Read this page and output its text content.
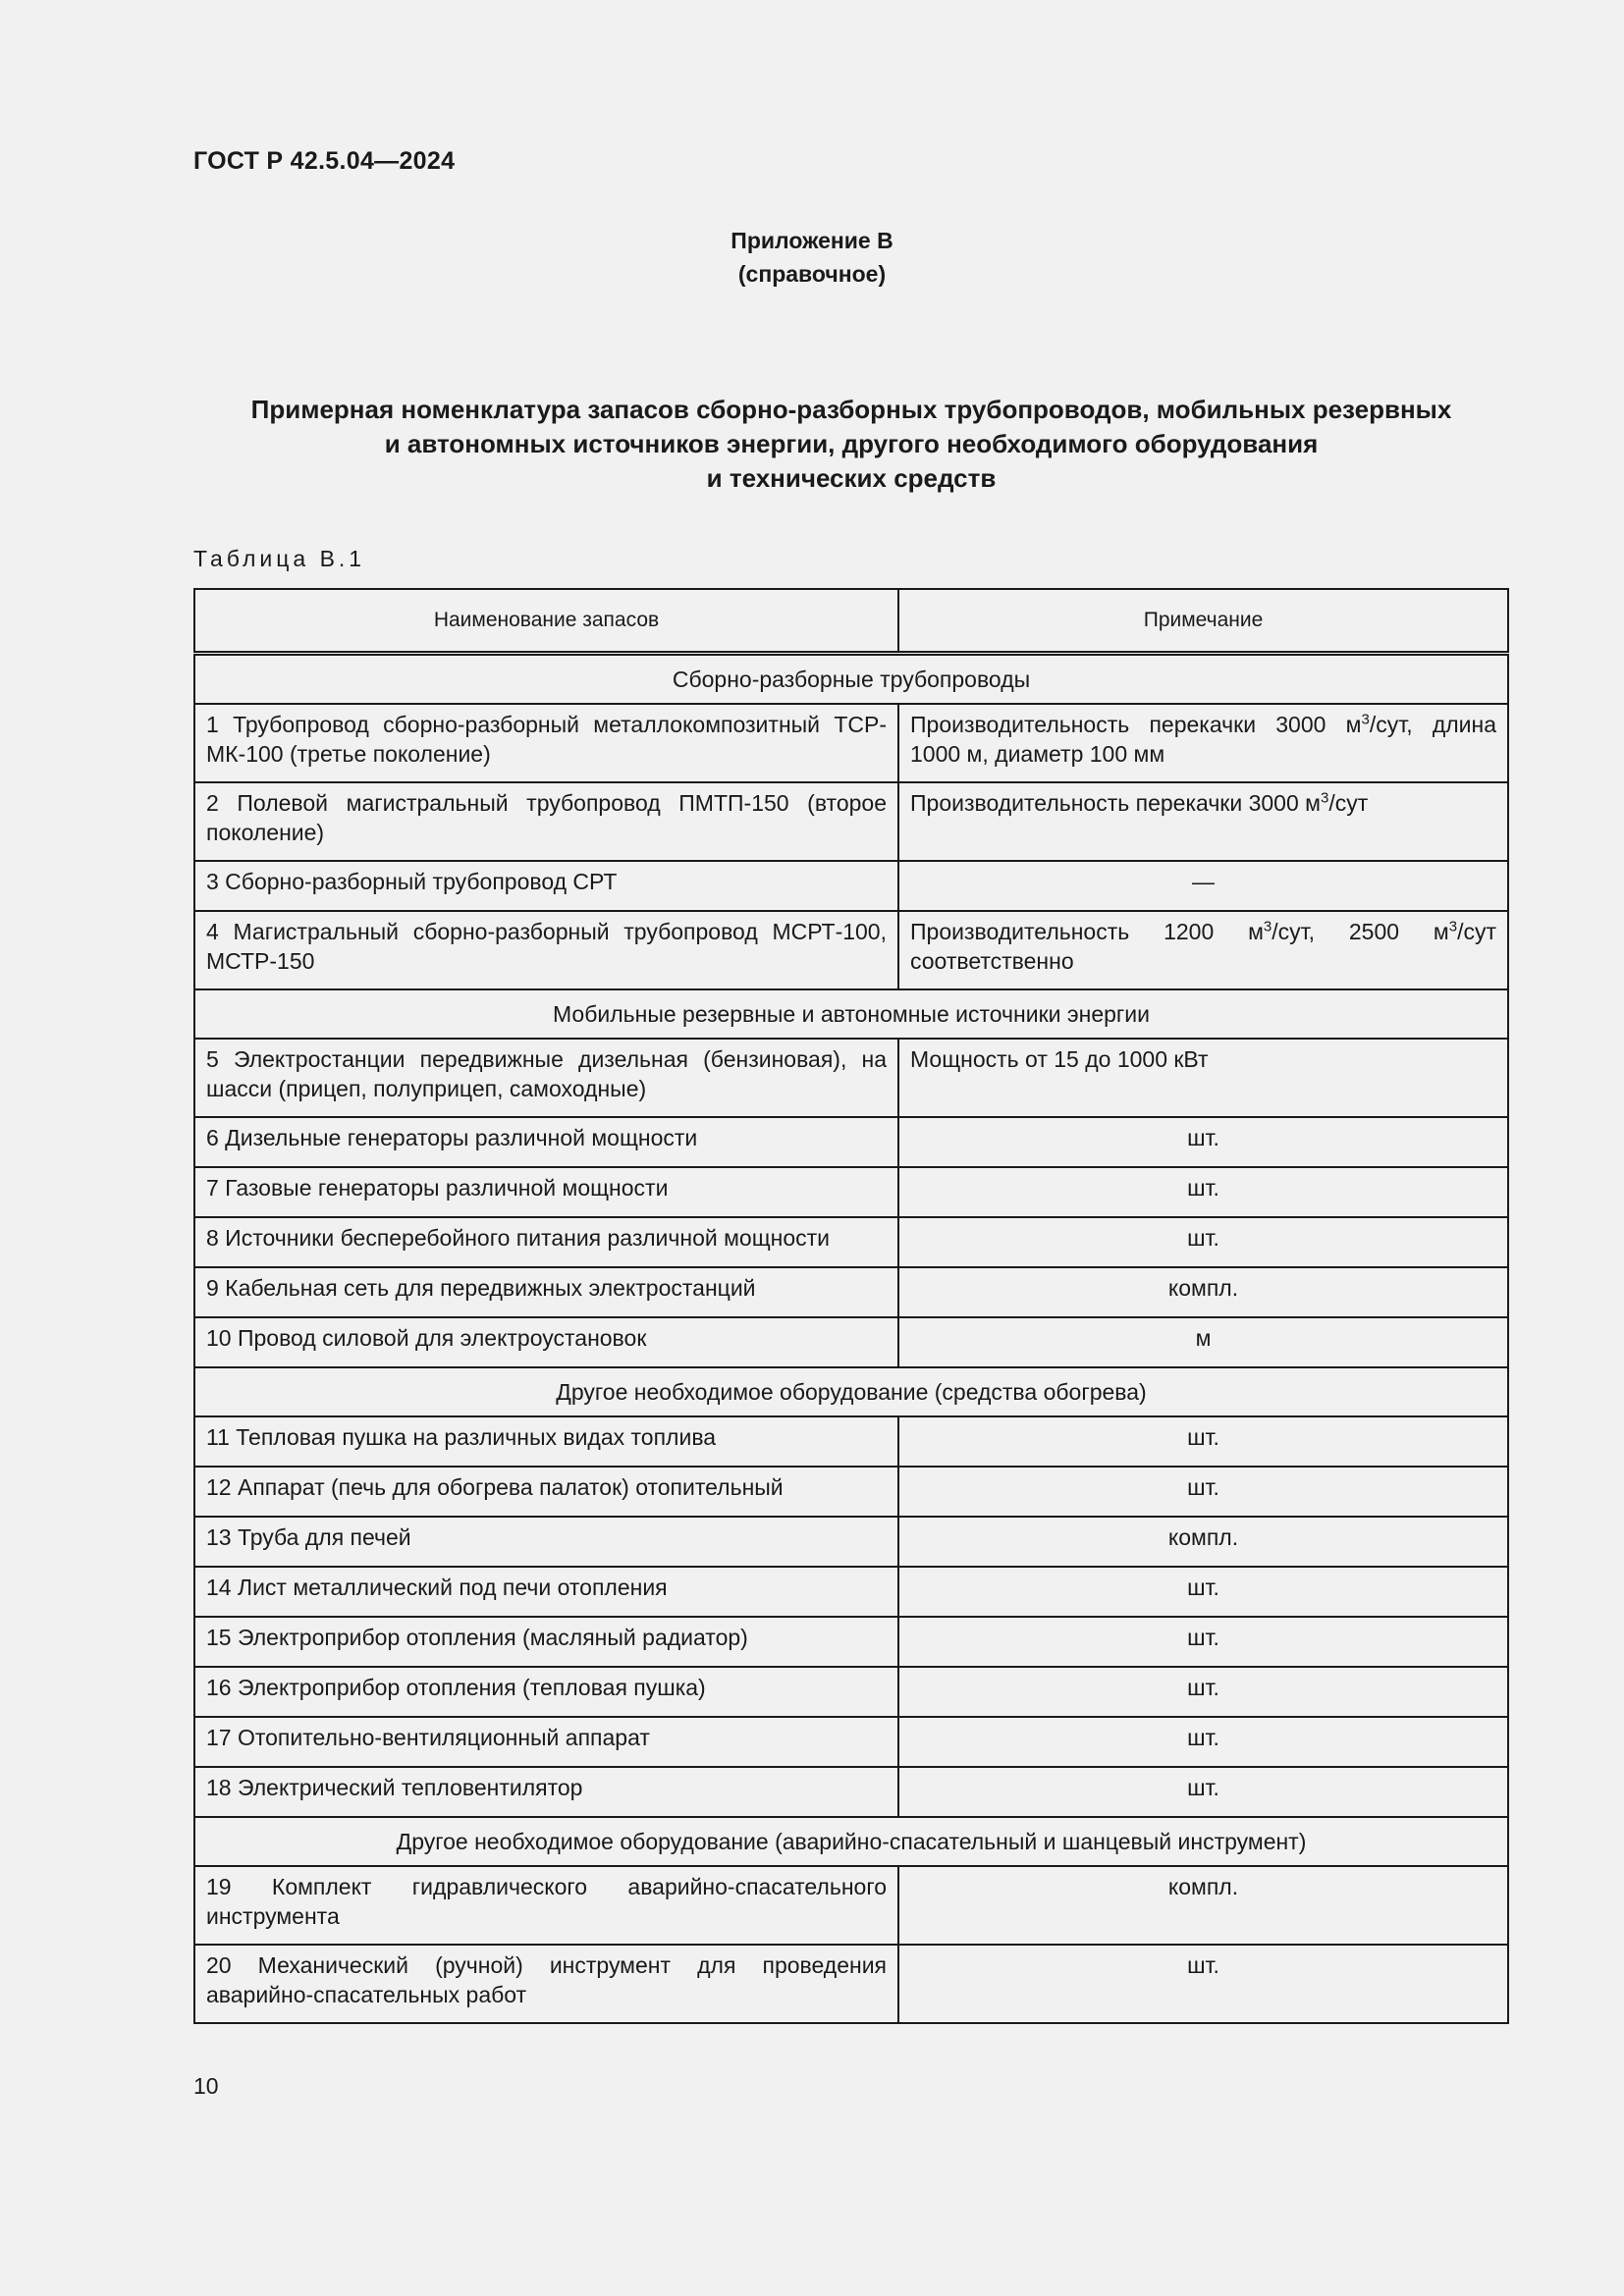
ГОСТ Р 42.5.04—2024
Приложение В
(справочное)
Примерная номенклатура запасов сборно-разборных трубопроводов, мобильных резервных
и автономных источников энергии, другого необходимого оборудования
и технических средств
Таблица В.1
Наименование запасов	Примечание
Сборно-разборные трубопроводы	
1 Трубопровод сборно-разборный металлокомпозитный ТСР-МК-100 (третье поколение)	Производительность перекачки 3000 $м^3$/сут, длина 1000 м, диаметр 100 мм
2 Полевой магистральный трубопровод ПМТП-150 (второе поколение)	Производительность перекачки 3000 $м^3$/сут
3 Сборно-разборный трубопровод СРТ	—
4 Магистральный сборно-разборный трубопровод МСРТ-100, МСТР-150	Производительность 1200 $м^3$/сут, 2500 $м^3$/сут соответственно
Мобильные резервные и автономные источники энергии	
5 Электростанции передвижные дизельная (бензиновая), на шасси (прицеп, полуприцеп, самоходные)	Мощность от 15 до 1000 кВт
6 Дизельные генераторы различной мощности	шт.
7 Газовые генераторы различной мощности	шт.
8 Источники бесперебойного питания различной мощности	шт.
9 Кабельная сеть для передвижных электростанций	компл.
10 Провод силовой для электроустановок	м
Другое необходимое оборудование (средства обогрева)	
11 Тепловая пушка на различных видах топлива	шт.
12 Аппарат (печь для обогрева палаток) отопительный	шт.
13 Труба для печей	компл.
14 Лист металлический под печи отопления	шт.
15 Электроприбор отопления (масляный радиатор)	шт.
16 Электроприбор отопления (тепловая пушка)	шт.
17 Отопительно-вентиляционный аппарат	шт.
18 Электрический тепловентилятор	шт.
Другое необходимое оборудование (аварийно-спасательный и шанцевый инструмент)	
19 Комплект гидравлического аварийно-спасательного инструмента	компл.
20 Механический (ручной) инструмент для проведения аварийно-спасательных работ	шт.
10
